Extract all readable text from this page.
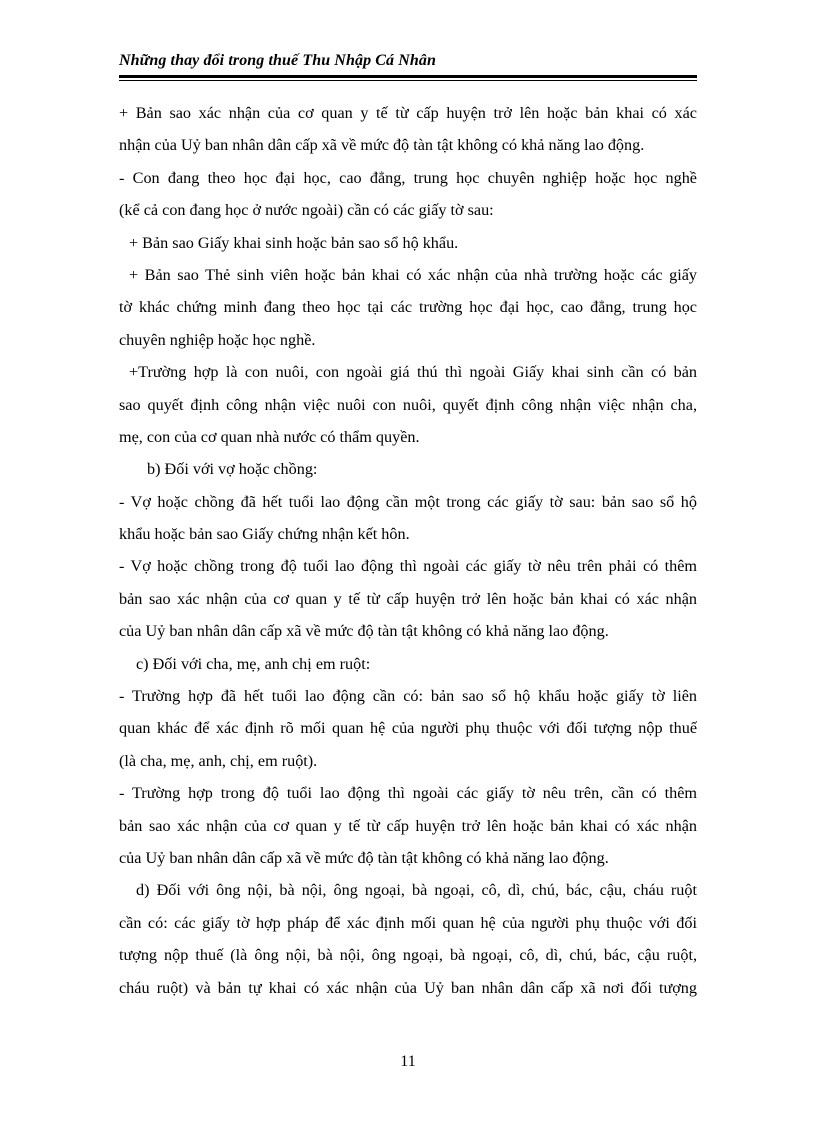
Những thay đổi trong thuế Thu Nhập Cá Nhân
+ Bản sao xác nhận của cơ quan y tế từ cấp huyện trở lên hoặc bản khai có xác
nhận của Uỷ ban nhân dân cấp xã về mức độ tàn tật không có khả năng lao động.
- Con đang theo học đại học, cao đẳng, trung học chuyên nghiệp hoặc học nghề
(kể cả con đang học ở nước ngoài) cần có các giấy tờ sau:
+ Bản sao Giấy khai sinh hoặc bản sao sổ hộ khẩu.
+ Bản sao Thẻ sinh viên hoặc bản khai có xác nhận của nhà trường hoặc các giấy
tờ khác chứng minh đang theo học tại các trường học đại học, cao đẳng, trung học
chuyên nghiệp hoặc học nghề.
+Trường hợp là con nuôi, con ngoài giá thú thì ngoài Giấy khai sinh cần có bản
sao quyết định công nhận việc nuôi con nuôi, quyết định công nhận việc nhận cha,
mẹ, con của cơ quan nhà nước có thẩm quyền.
b) Đối với vợ hoặc chồng:
- Vợ hoặc chồng đã hết tuổi lao động cần một trong các giấy tờ sau: bản sao sổ hộ
khẩu hoặc bản sao Giấy chứng nhận kết hôn.
- Vợ hoặc chồng trong độ tuổi lao động thì ngoài các giấy tờ nêu trên phải có thêm
bản sao xác nhận của cơ quan y tế từ cấp huyện trở lên hoặc bản khai có xác nhận
của Uỷ ban nhân dân cấp xã về mức độ tàn tật không có khả năng lao động.
c) Đối với cha, mẹ, anh chị em ruột:
- Trường hợp đã hết tuổi lao động cần có: bản sao sổ hộ khẩu hoặc giấy tờ liên
quan khác để xác định rõ mối quan hệ của người phụ thuộc với đối tượng nộp thuế
(là cha, mẹ, anh, chị, em ruột).
- Trường hợp trong độ tuổi lao động thì ngoài các giấy tờ nêu trên, cần có thêm
bản sao xác nhận của cơ quan y tế từ cấp huyện trở lên hoặc bản khai có xác nhận
của Uỷ ban nhân dân cấp xã về mức độ tàn tật không có khả năng lao động.
d) Đối với ông nội, bà nội, ông ngoại, bà ngoại, cô, dì, chú, bác, cậu, cháu ruột
cần có: các giấy tờ hợp pháp để xác định mối quan hệ của người phụ thuộc với đối
tượng nộp thuế (là ông nội, bà nội, ông ngoại, bà ngoại, cô, dì, chú, bác, cậu ruột,
cháu ruột) và bản tự khai có xác nhận của Uỷ ban nhân dân cấp xã nơi đối tượng
11
